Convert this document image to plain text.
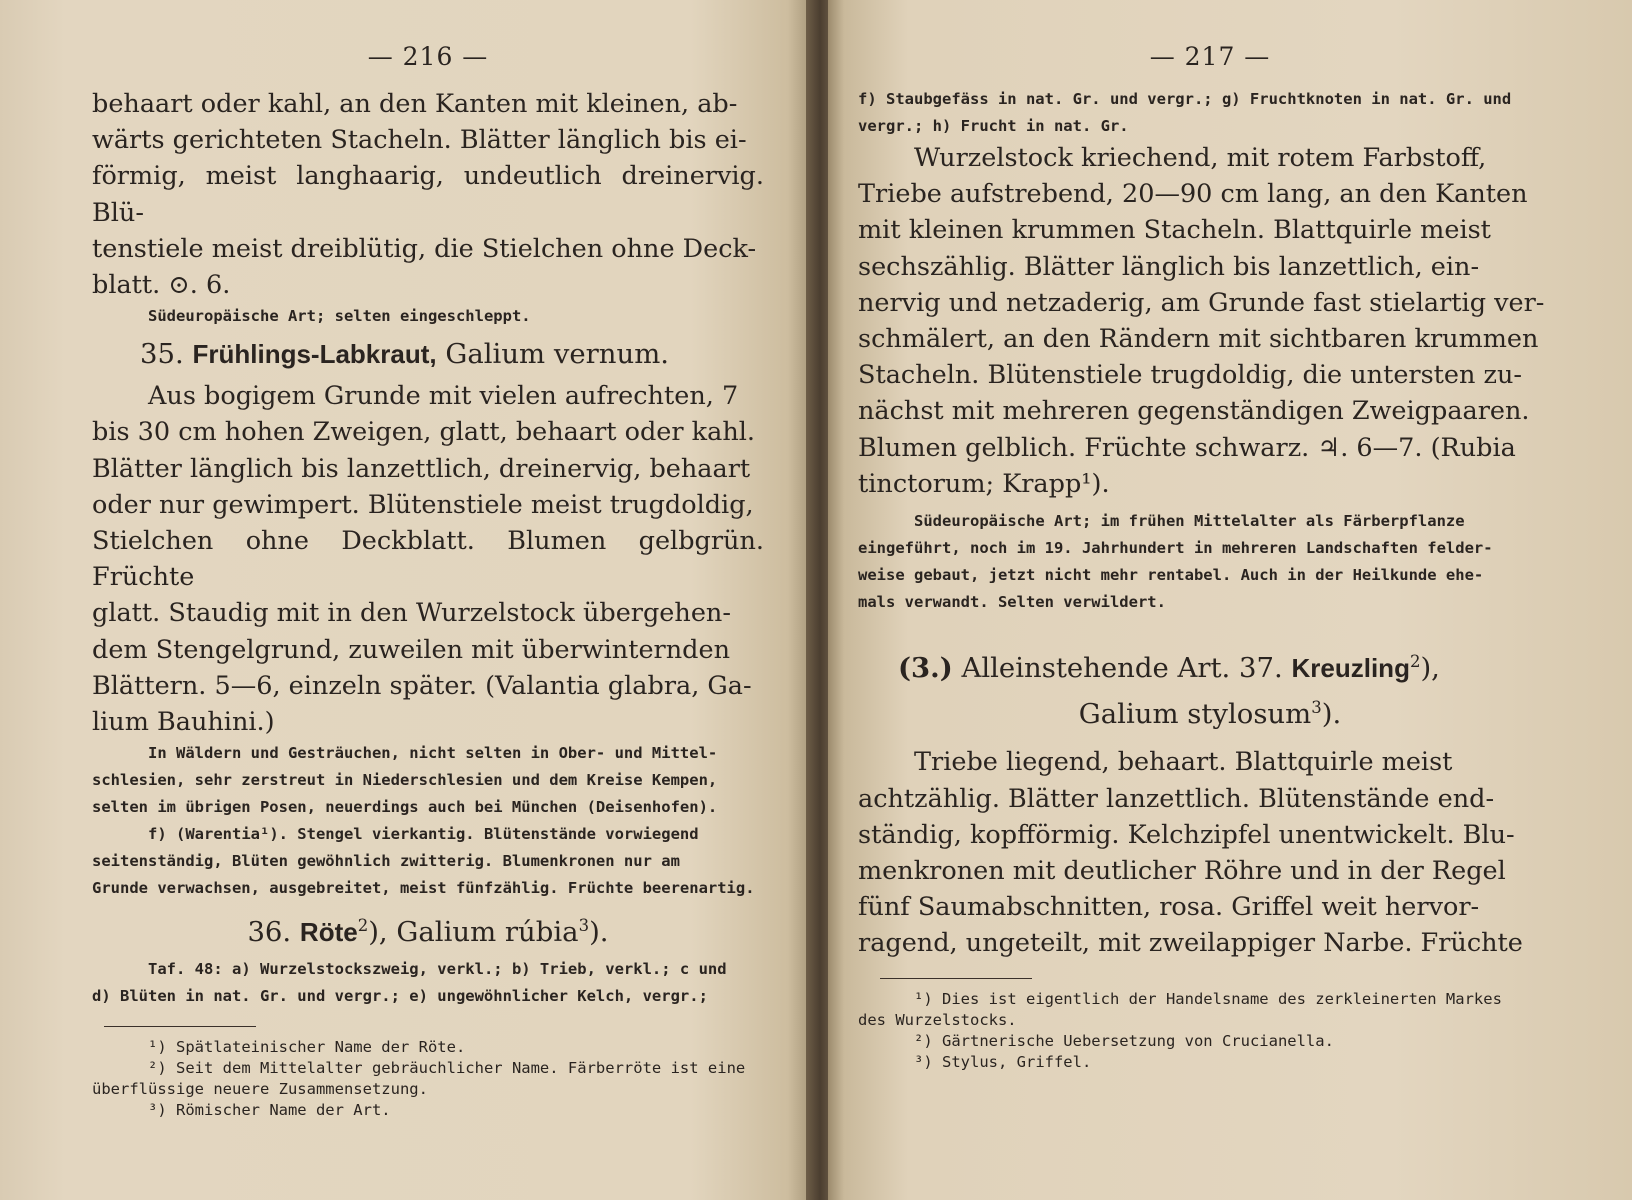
— 216 —

behaart oder kahl, an den Kanten mit kleinen, ab-

wärts gerichteten Stacheln. Blätter länglich bis ei-

förmig, meist langhaarig, undeutlich dreinervig. Blü-

tenstiele meist dreiblütig, die Stielchen ohne Deck-

blatt. ⊙. 6.

Südeuropäische Art; selten eingeschleppt.

35. Frühlings-Labkraut, Galium vernum.

Aus bogigem Grunde mit vielen aufrechten, 7

bis 30 cm hohen Zweigen, glatt, behaart oder kahl.

Blätter länglich bis lanzettlich, dreinervig, behaart

oder nur gewimpert. Blütenstiele meist trugdoldig,

Stielchen ohne Deckblatt. Blumen gelbgrün. Früchte

glatt. Staudig mit in den Wurzelstock übergehen-

dem Stengelgrund, zuweilen mit überwinternden

Blättern. 5—6, einzeln später. (Valantia glabra, Ga-

lium Bauhini.)

In Wäldern und Gesträuchen, nicht selten in Ober- und Mittel-

schlesien, sehr zerstreut in Niederschlesien und dem Kreise Kempen,

selten im übrigen Posen, neuerdings auch bei München (Deisenhofen).

f) (Warentia¹). Stengel vierkantig. Blütenstände vorwiegend

seitenständig, Blüten gewöhnlich zwitterig. Blumenkronen nur am

Grunde verwachsen, ausgebreitet, meist fünfzählig. Früchte beerenartig.

36. Röte$^2$), Galium rúbia$^3$).

Taf. 48: a) Wurzelstockszweig, verkl.; b) Trieb, verkl.; c und

d) Blüten in nat. Gr. und vergr.; e) ungewöhnlicher Kelch, vergr.;

¹) Spätlateinischer Name der Röte.

²) Seit dem Mittelalter gebräuchlicher Name. Färberröte ist eine

überflüssige neuere Zusammensetzung.

³) Römischer Name der Art.

— 217 —

f) Staubgefäss in nat. Gr. und vergr.; g) Fruchtknoten in nat. Gr. und

vergr.; h) Frucht in nat. Gr.

Wurzelstock kriechend, mit rotem Farbstoff,

Triebe aufstrebend, 20—90 cm lang, an den Kanten

mit kleinen krummen Stacheln. Blattquirle meist

sechszählig. Blätter länglich bis lanzettlich, ein-

nervig und netzaderig, am Grunde fast stielartig ver-

schmälert, an den Rändern mit sichtbaren krummen

Stacheln. Blütenstiele trugdoldig, die untersten zu-

nächst mit mehreren gegenständigen Zweigpaaren.

Blumen gelblich. Früchte schwarz. ♃. 6—7. (Rubia

tinctorum; Krapp¹).

Südeuropäische Art; im frühen Mittelalter als Färberpflanze

eingeführt, noch im 19. Jahrhundert in mehreren Landschaften felder-

weise gebaut, jetzt nicht mehr rentabel. Auch in der Heilkunde ehe-

mals verwandt. Selten verwildert.

(3.) Alleinstehende Art. 37. Kreuzling$^2$),
Galium stylosum$^3$).

Triebe liegend, behaart. Blattquirle meist

achtzählig. Blätter lanzettlich. Blütenstände end-

ständig, kopfförmig. Kelchzipfel unentwickelt. Blu-

menkronen mit deutlicher Röhre und in der Regel

fünf Saumabschnitten, rosa. Griffel weit hervor-

ragend, ungeteilt, mit zweilappiger Narbe. Früchte

¹) Dies ist eigentlich der Handelsname des zerkleinerten Markes

des Wurzelstocks.

²) Gärtnerische Uebersetzung von Crucianella.

³) Stylus, Griffel.
